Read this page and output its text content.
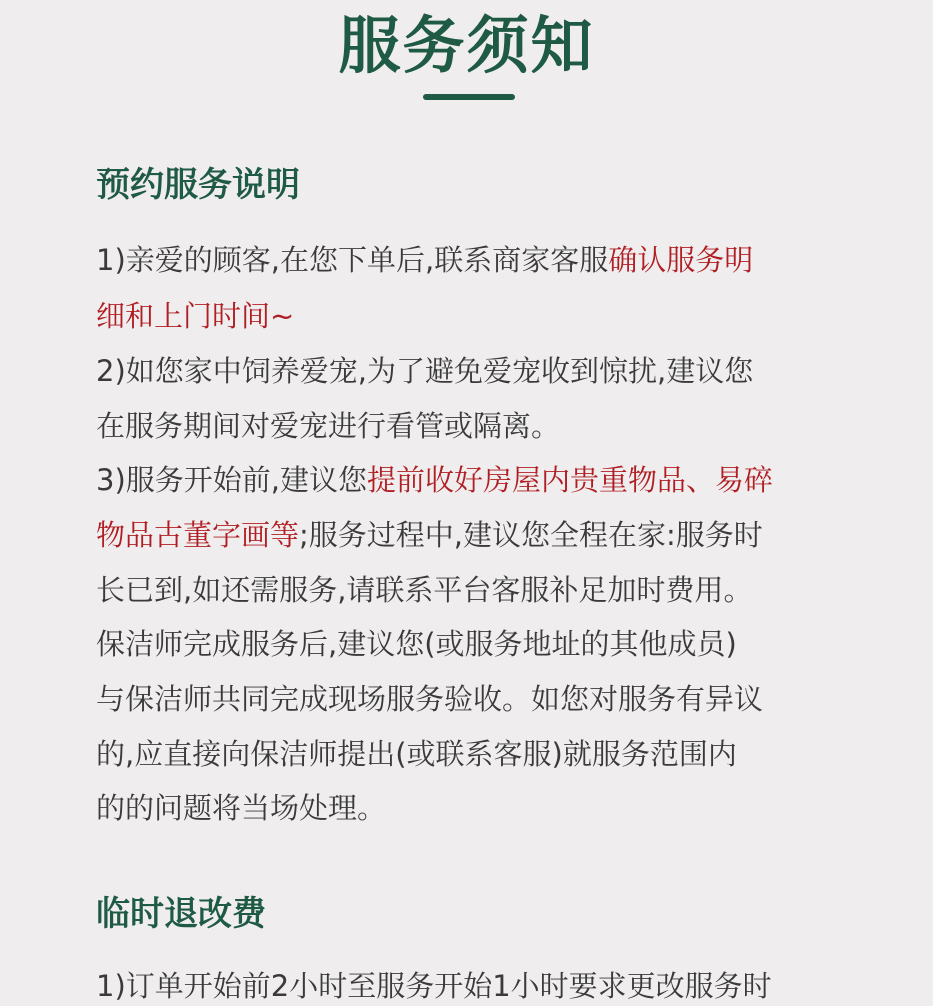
服务须知
预约服务说明

1)亲爱的顾客,在您下单后,联系商家客服确认服务明

细和上门时间~

2)如您家中饲养爱宠,为了避免爱宠收到惊扰,建议您

在服务期间对爱宠进行看管或隔离。

3)服务开始前,建议您提前收好房屋内贵重物品、易碎

物品古董字画等;服务过程中,建议您全程在家:服务时

长已到,如还需服务,请联系平台客服补足加时费用。

保洁师完成服务后,建议您(或服务地址的其他成员)

与保洁师共同完成现场服务验收。如您对服务有异议

的,应直接向保洁师提出(或联系客服)就服务范围内

的的问题将当场处理。

临时退改费

1)订单开始前2小时至服务开始1小时要求更改服务时
